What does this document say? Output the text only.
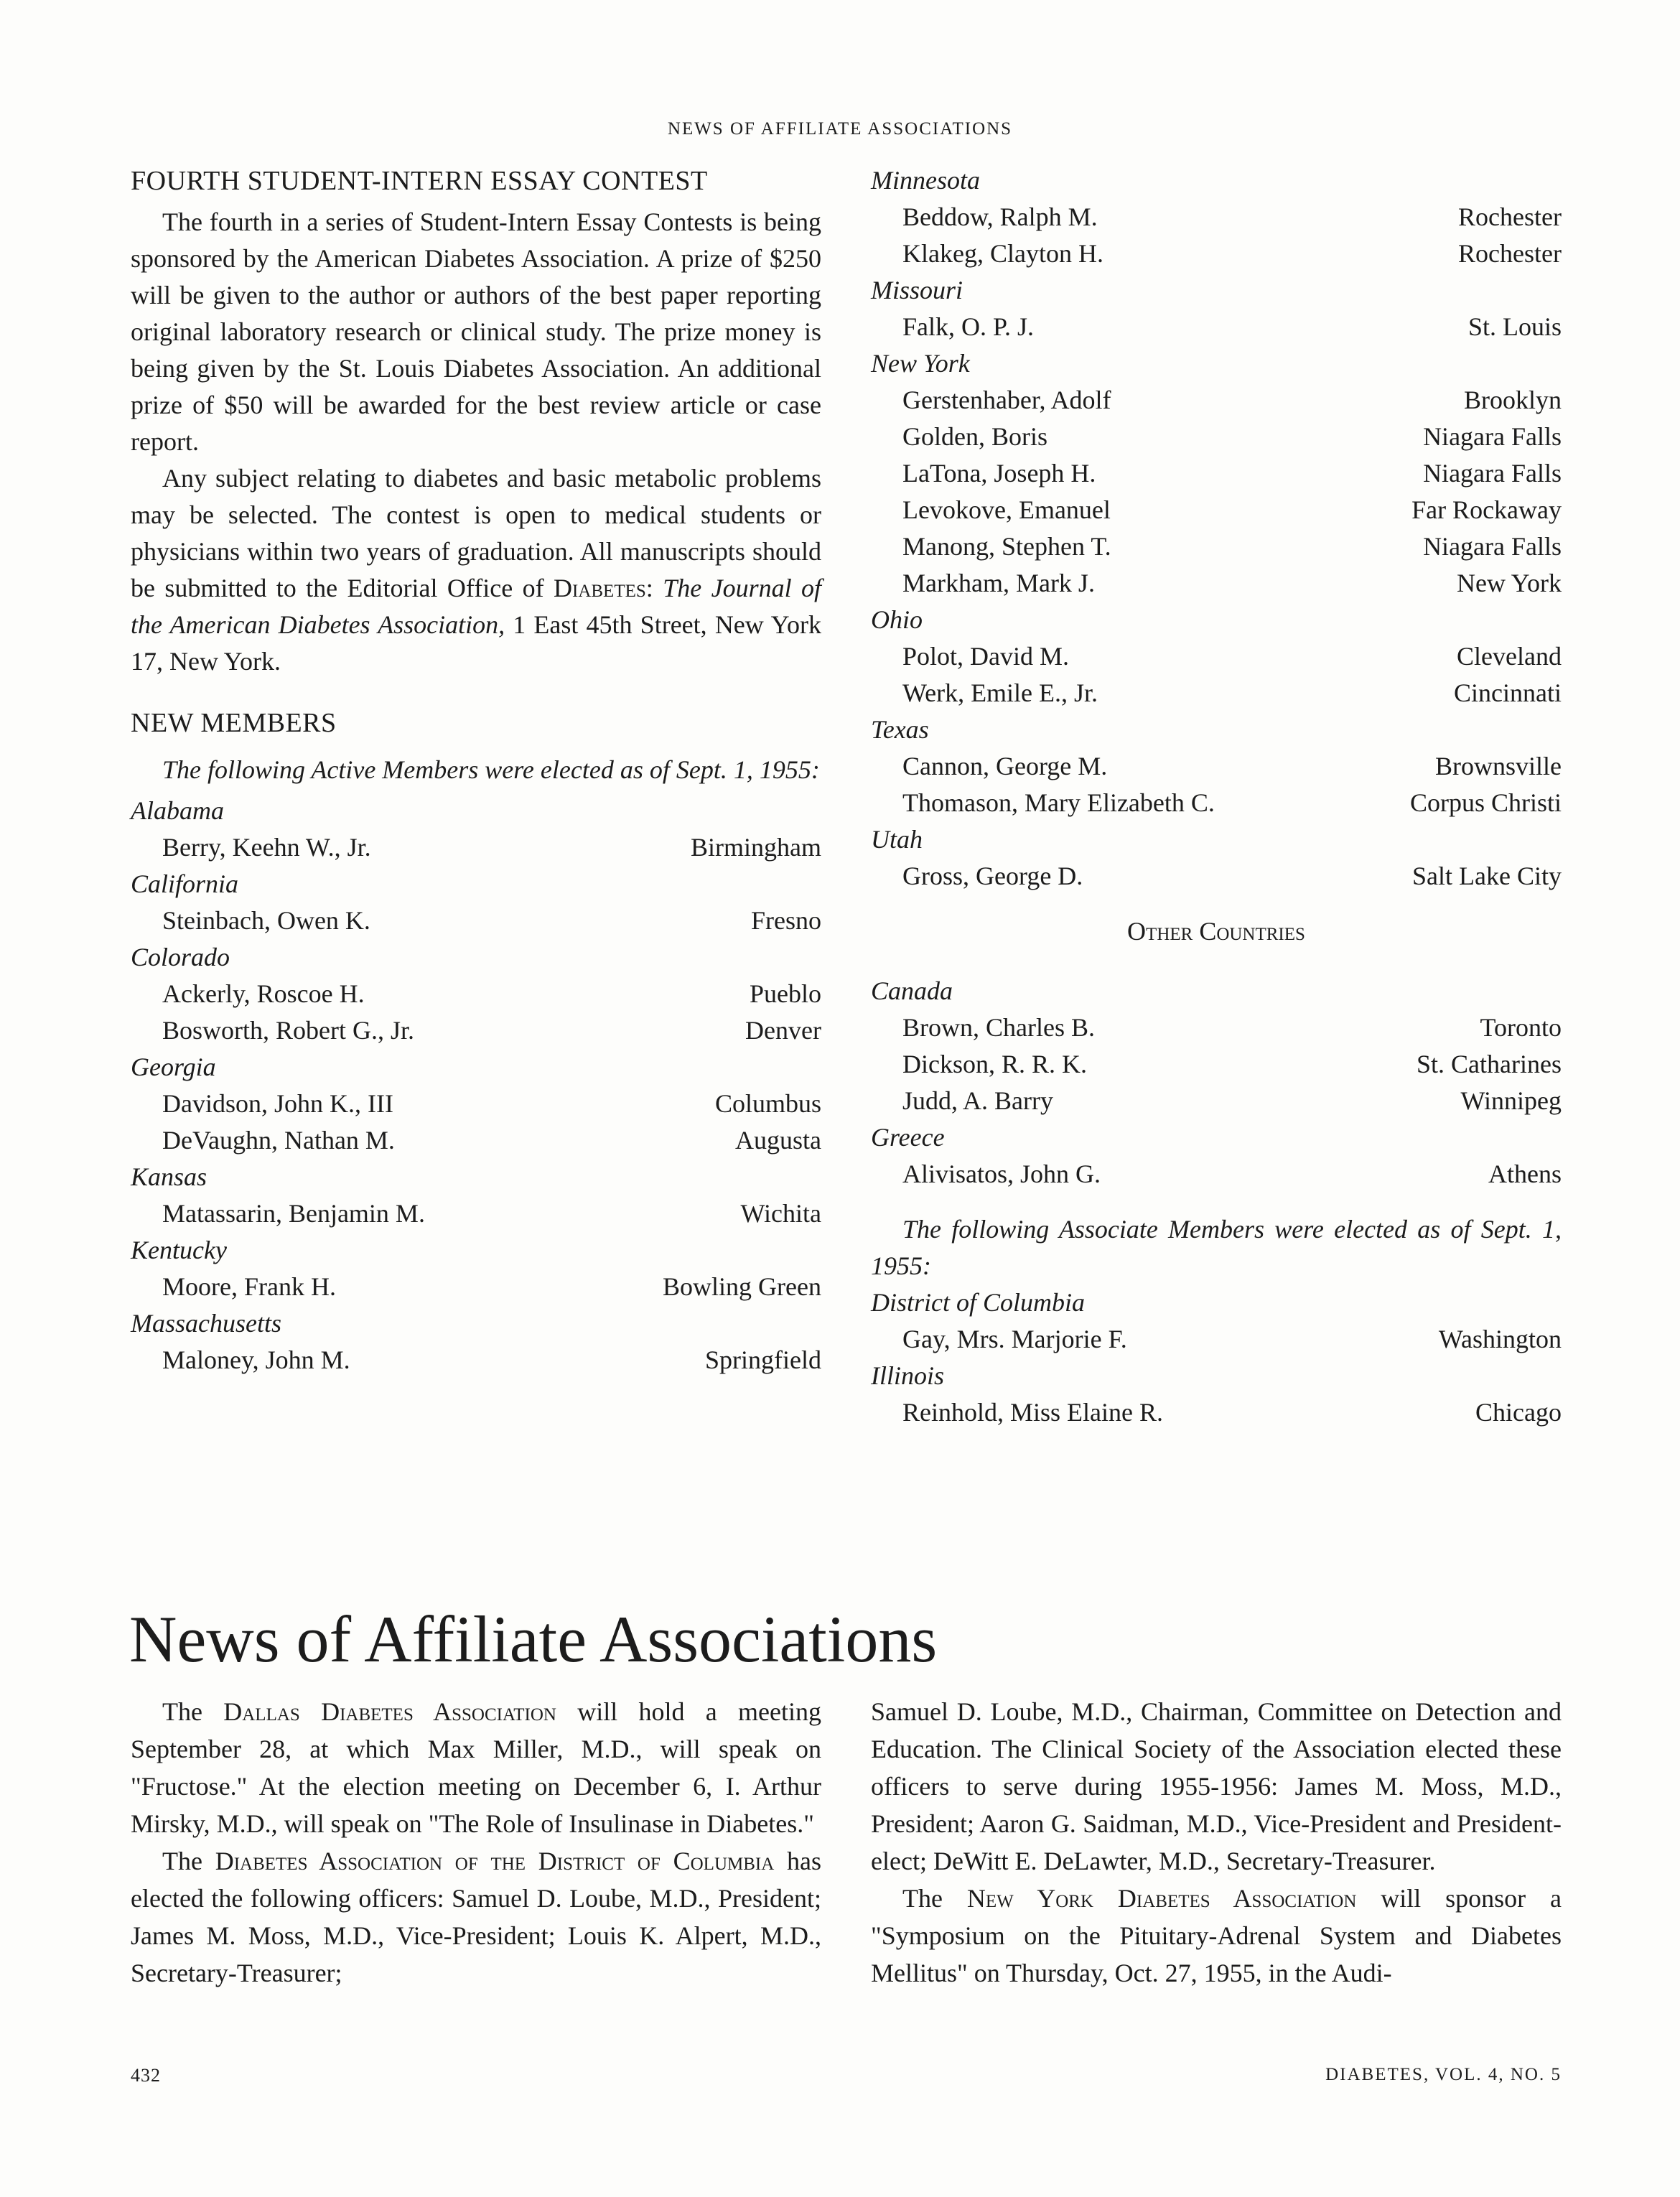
NEWS OF AFFILIATE ASSOCIATIONS
FOURTH STUDENT-INTERN ESSAY CONTEST

The fourth in a series of Student-Intern Essay Contests is being sponsored by the American Diabetes Association. A prize of $250 will be given to the author or authors of the best paper reporting original laboratory research or clinical study. The prize money is being given by the St. Louis Diabetes Association. An additional prize of $50 will be awarded for the best review article or case report.

Any subject relating to diabetes and basic metabolic problems may be selected. The contest is open to medical students or physicians within two years of graduation. All manuscripts should be submitted to the Editorial Office of Diabetes: The Journal of the American Diabetes Association, 1 East 45th Street, New York 17, New York.

NEW MEMBERS

The following Active Members were elected as of Sept. 1, 1955:

Alabama

Berry, Keehn W., Jr.	Birmingham

California

Steinbach, Owen K.	Fresno

Colorado

Ackerly, Roscoe H.	Pueblo
Bosworth, Robert G., Jr.	Denver

Georgia

Davidson, John K., III	Columbus
DeVaughn, Nathan M.	Augusta

Kansas

Matassarin, Benjamin M.	Wichita

Kentucky

Moore, Frank H.	Bowling Green

Massachusetts

Maloney, John M.	Springfield

Minnesota

Beddow, Ralph M.	Rochester
Klakeg, Clayton H.	Rochester

Missouri

Falk, O. P. J.	St. Louis

New York

Gerstenhaber, Adolf	Brooklyn
Golden, Boris	Niagara Falls
LaTona, Joseph H.	Niagara Falls
Levokove, Emanuel	Far Rockaway
Manong, Stephen T.	Niagara Falls
Markham, Mark J.	New York

Ohio

Polot, David M.	Cleveland
Werk, Emile E., Jr.	Cincinnati

Texas

Cannon, George M.	Brownsville
Thomason, Mary Elizabeth C.	Corpus Christi

Utah

Gross, George D.	Salt Lake City

Other Countries

Canada

Brown, Charles B.	Toronto
Dickson, R. R. K.	St. Catharines
Judd, A. Barry	Winnipeg

Greece

Alivisatos, John G.	Athens

The following Associate Members were elected as of Sept. 1, 1955:

District of Columbia

Gay, Mrs. Marjorie F.	Washington

Illinois

Reinhold, Miss Elaine R.	Chicago
News of Affiliate Associations

The Dallas Diabetes Association will hold a meeting September 28, at which Max Miller, M.D., will speak on "Fructose." At the election meeting on December 6, I. Arthur Mirsky, M.D., will speak on "The Role of Insulinase in Diabetes."

The Diabetes Association of the District of Columbia has elected the following officers: Samuel D. Loube, M.D., President; James M. Moss, M.D., Vice-President; Louis K. Alpert, M.D., Secretary-Treasurer;

Samuel D. Loube, M.D., Chairman, Committee on Detection and Education. The Clinical Society of the Association elected these officers to serve during 1955-1956: James M. Moss, M.D., President; Aaron G. Saidman, M.D., Vice-President and President-elect; DeWitt E. DeLawter, M.D., Secretary-Treasurer.

The New York Diabetes Association will sponsor a "Symposium on the Pituitary-Adrenal System and Diabetes Mellitus" on Thursday, Oct. 27, 1955, in the Audi-

432	DIABETES, VOL. 4, NO. 5
